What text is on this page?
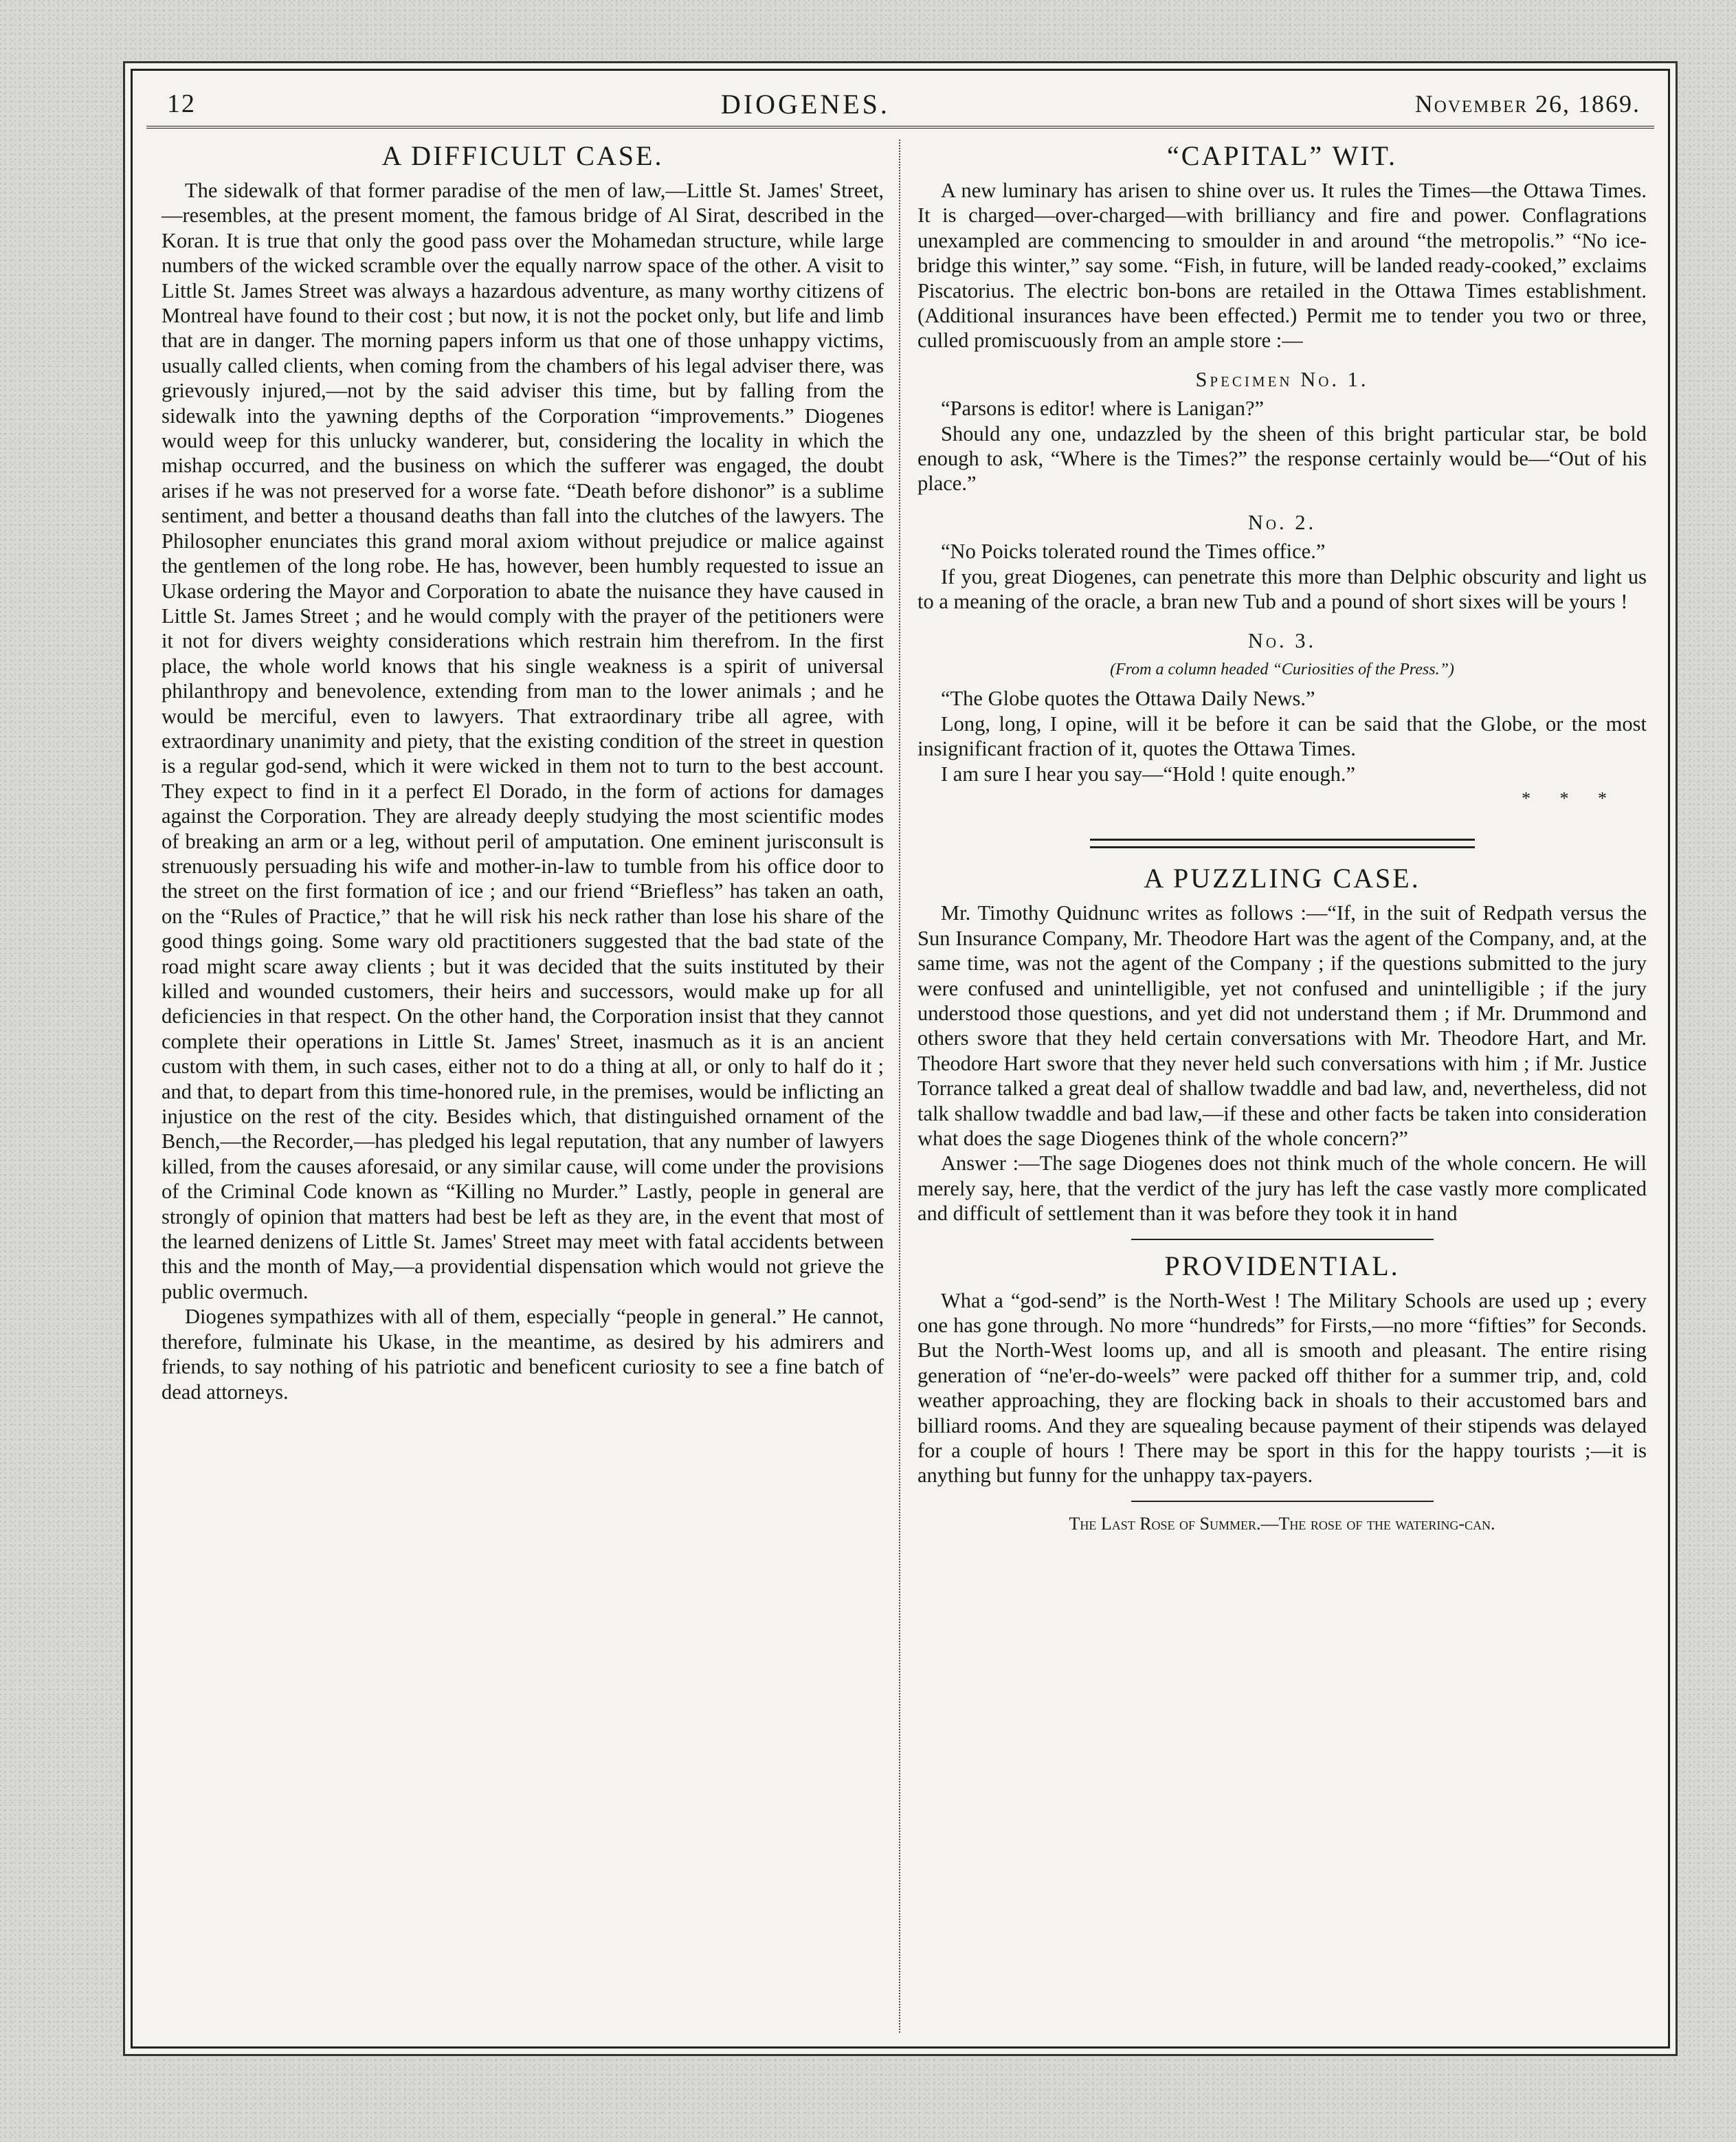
12	DIOGENES.	November 26, 1869.
A DIFFICULT CASE.

The sidewalk of that former paradise of the men of law,—Little St. James' Street,—resembles, at the present moment, the famous bridge of Al Sirat, described in the Koran. It is true that only the good pass over the Mohamedan structure, while large numbers of the wicked scramble over the equally narrow space of the other. A visit to Little St. James Street was always a hazardous adventure, as many worthy citizens of Montreal have found to their cost ; but now, it is not the pocket only, but life and limb that are in danger. The morning papers inform us that one of those unhappy victims, usually called clients, when coming from the chambers of his legal adviser there, was grievously injured,—not by the said adviser this time, but by falling from the sidewalk into the yawning depths of the Corporation “improvements.” Diogenes would weep for this unlucky wanderer, but, considering the locality in which the mishap occurred, and the business on which the sufferer was engaged, the doubt arises if he was not preserved for a worse fate. “Death before dishonor” is a sublime sentiment, and better a thousand deaths than fall into the clutches of the lawyers. The Philosopher enunciates this grand moral axiom without prejudice or malice against the gentlemen of the long robe. He has, however, been humbly requested to issue an Ukase ordering the Mayor and Corporation to abate the nuisance they have caused in Little St. James Street ; and he would comply with the prayer of the petitioners were it not for divers weighty considerations which restrain him therefrom. In the first place, the whole world knows that his single weakness is a spirit of universal philanthropy and benevolence, extending from man to the lower animals ; and he would be merciful, even to lawyers. That extraordinary tribe all agree, with extraordinary unanimity and piety, that the existing condition of the street in question is a regular god-send, which it were wicked in them not to turn to the best account. They expect to find in it a perfect El Dorado, in the form of actions for damages against the Corporation. They are already deeply studying the most scientific modes of breaking an arm or a leg, without peril of amputation. One eminent jurisconsult is strenuously persuading his wife and mother-in-law to tumble from his office door to the street on the first formation of ice ; and our friend “Briefless” has taken an oath, on the “Rules of Practice,” that he will risk his neck rather than lose his share of the good things going. Some wary old practitioners suggested that the bad state of the road might scare away clients ; but it was decided that the suits instituted by their killed and wounded customers, their heirs and successors, would make up for all deficiencies in that respect. On the other hand, the Corporation insist that they cannot complete their operations in Little St. James' Street, inasmuch as it is an ancient custom with them, in such cases, either not to do a thing at all, or only to half do it ; and that, to depart from this time-honored rule, in the premises, would be inflicting an injustice on the rest of the city. Besides which, that distinguished ornament of the Bench,—the Recorder,—has pledged his legal reputation, that any number of lawyers killed, from the causes aforesaid, or any similar cause, will come under the provisions of the Criminal Code known as “Killing no Murder.” Lastly, people in general are strongly of opinion that matters had best be left as they are, in the event that most of the learned denizens of Little St. James' Street may meet with fatal accidents between this and the month of May,—a providential dispensation which would not grieve the public overmuch.

Diogenes sympathizes with all of them, especially “people in general.” He cannot, therefore, fulminate his Ukase, in the meantime, as desired by his admirers and friends, to say nothing of his patriotic and beneficent curiosity to see a fine batch of dead attorneys.

“CAPITAL” WIT.

A new luminary has arisen to shine over us. It rules the Times—the Ottawa Times. It is charged—over-charged—with brilliancy and fire and power. Conflagrations unexampled are commencing to smoulder in and around “the metropolis.” “No ice-bridge this winter,” say some. “Fish, in future, will be landed ready-cooked,” exclaims Piscatorius. The electric bon-bons are retailed in the Ottawa Times establishment. (Additional insurances have been effected.) Permit me to tender you two or three, culled promiscuously from an ample store :—

Specimen No. 1.

“Parsons is editor! where is Lanigan?”

Should any one, undazzled by the sheen of this bright particular star, be bold enough to ask, “Where is the Times?” the response certainly would be—“Out of his place.”

No. 2.

“No Poicks tolerated round the Times office.”

If you, great Diogenes, can penetrate this more than Delphic obscurity and light us to a meaning of the oracle, a bran new Tub and a pound of short sixes will be yours !

No. 3.

(From a column headed “Curiosities of the Press.”)

“The Globe quotes the Ottawa Daily News.”

Long, long, I opine, will it be before it can be said that the Globe, or the most insignificant fraction of it, quotes the Ottawa Times.

I am sure I hear you say—“Hold ! quite enough.”

* * *
A PUZZLING CASE.

Mr. Timothy Quidnunc writes as follows :—“If, in the suit of Redpath versus the Sun Insurance Company, Mr. Theodore Hart was the agent of the Company, and, at the same time, was not the agent of the Company ; if the questions submitted to the jury were confused and unintelligible, yet not confused and unintelligible ; if the jury understood those questions, and yet did not understand them ; if Mr. Drummond and others swore that they held certain conversations with Mr. Theodore Hart, and Mr. Theodore Hart swore that they never held such conversations with him ; if Mr. Justice Torrance talked a great deal of shallow twaddle and bad law, and, nevertheless, did not talk shallow twaddle and bad law,—if these and other facts be taken into consideration what does the sage Diogenes think of the whole concern?”

Answer :—The sage Diogenes does not think much of the whole concern. He will merely say, here, that the verdict of the jury has left the case vastly more complicated and difficult of settlement than it was before they took it in hand

PROVIDENTIAL.

What a “god-send” is the North-West ! The Military Schools are used up ; every one has gone through. No more “hundreds” for Firsts,—no more “fifties” for Seconds. But the North-West looms up, and all is smooth and pleasant. The entire rising generation of “ne'er-do-weels” were packed off thither for a summer trip, and, cold weather approaching, they are flocking back in shoals to their accustomed bars and billiard rooms. And they are squealing because payment of their stipends was delayed for a couple of hours ! There may be sport in this for the happy tourists ;—it is anything but funny for the unhappy tax-payers.

The Last Rose of Summer.—The rose of the watering-can.
